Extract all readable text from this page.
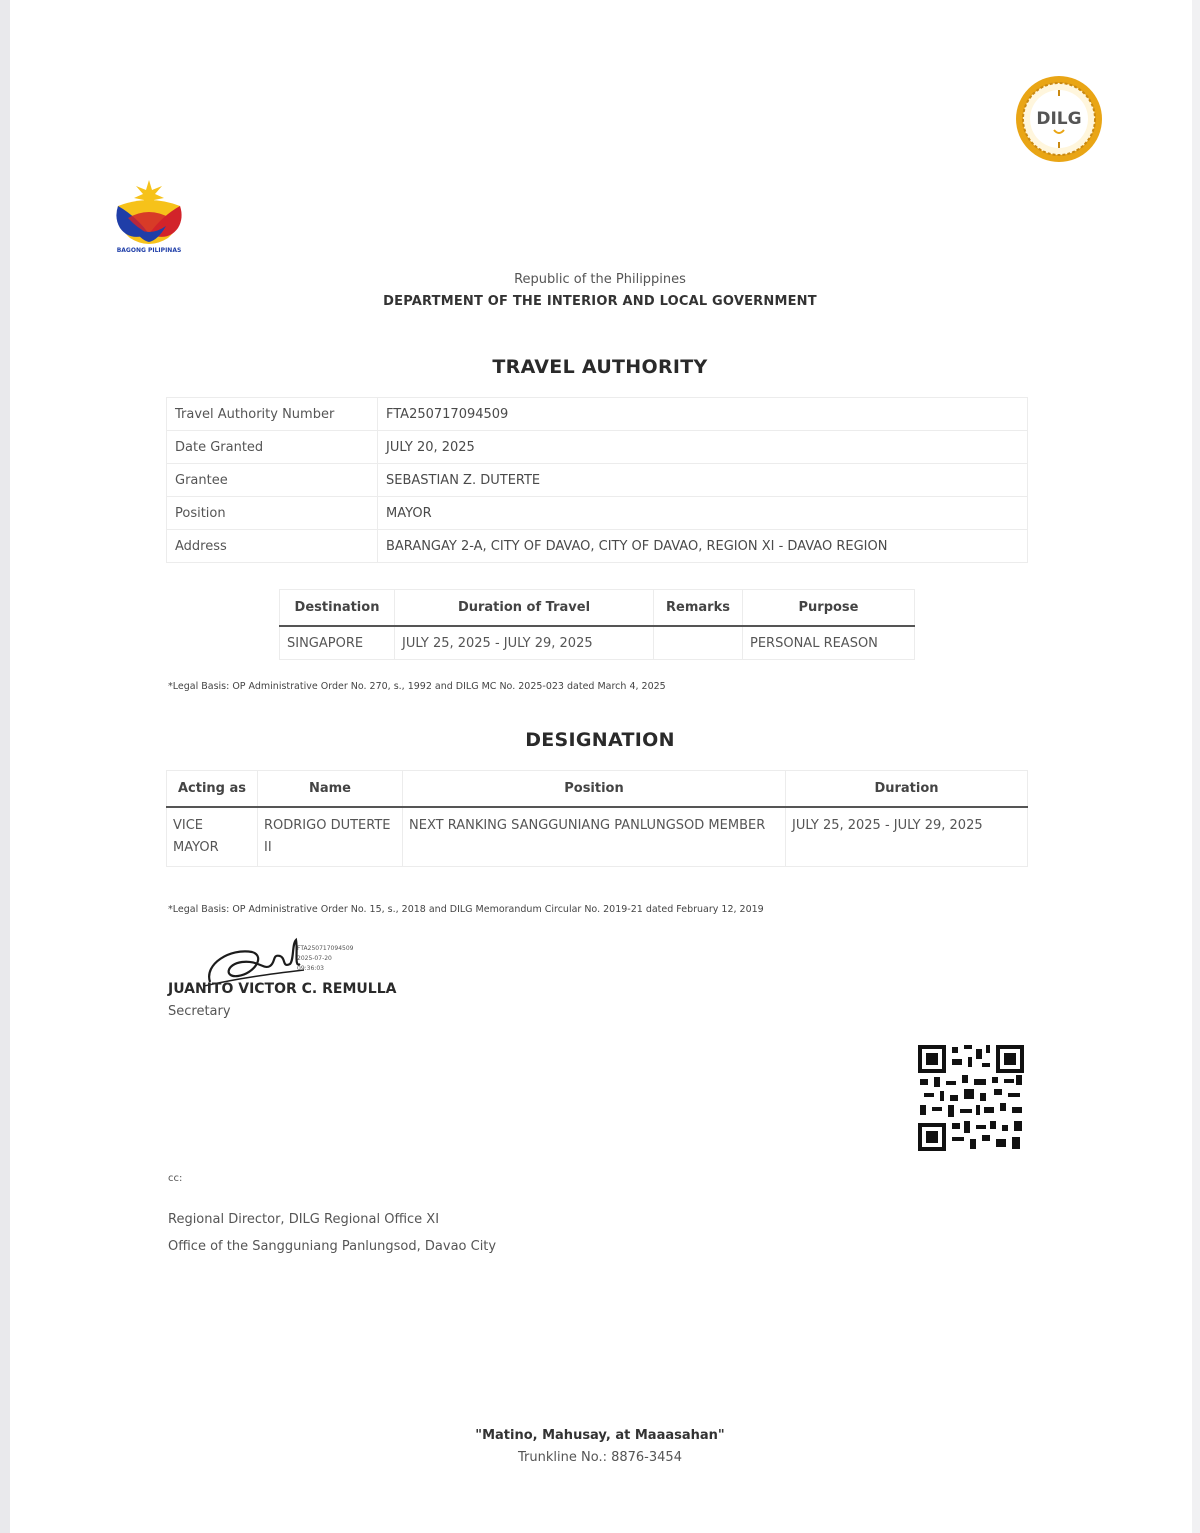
BAGONG PILIPINAS
DILG
Republic of the Philippines
DEPARTMENT OF THE INTERIOR AND LOCAL GOVERNMENT
TRAVEL AUTHORITY
Travel Authority Number	FTA250717094509
Date Granted	JULY 20, 2025
Grantee	SEBASTIAN Z. DUTERTE
Position	MAYOR
Address	BARANGAY 2-A, CITY OF DAVAO, CITY OF DAVAO, REGION XI - DAVAO REGION
Destination	Duration of Travel	Remarks	Purpose
SINGAPORE	JULY 25, 2025 - JULY 29, 2025		PERSONAL REASON
*Legal Basis: OP Administrative Order No. 270, s., 1992 and DILG MC No. 2025-023 dated March 4, 2025
DESIGNATION
Acting as	Name	Position	Duration
VICE MAYOR	RODRIGO DUTERTE II	NEXT RANKING SANGGUNIANG PANLUNGSOD MEMBER	JULY 25, 2025 - JULY 29, 2025
*Legal Basis: OP Administrative Order No. 15, s., 2018 and DILG Memorandum Circular No. 2019-21 dated February 12, 2019
FTA250717094509
2025-07-20
09:36:03
JUANITO VICTOR C. REMULLA
Secretary
cc:
Regional Director, DILG Regional Office XI
Office of the Sangguniang Panlungsod, Davao City
"Matino, Mahusay, at Maaasahan"
Trunkline No.: 8876-3454
